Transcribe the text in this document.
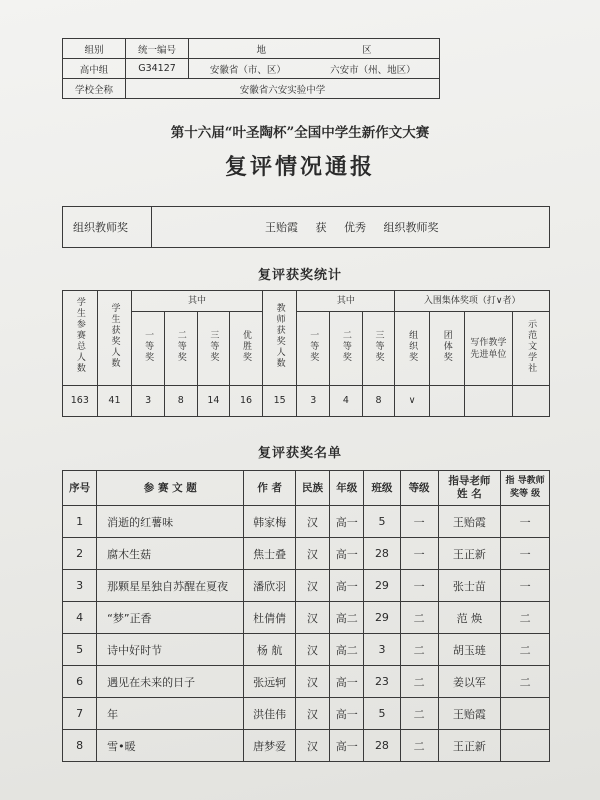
组别	统一编号	地 区	
高中组	G34127	安徽省（市、区）	六安市（州、地区）
学校全称	安徽省六安实验中学		
第十六届“叶圣陶杯”全国中学生新作文大赛
复评情况通报
组织教师奖		王贻霞 获 优秀 组织教师奖
复评获奖统计
学生参赛总人数	学生获奖人数	其中				教师获奖人数	其中			入围集体奖项（打∨者）			
		一等奖	二等奖	三等奖	优胜奖		一等奖	二等奖	三等奖	组织奖	团体奖	写作教学先进单位	示范文学社
163	41	3	8	14	16	15	3	4	8	∨			
复评获奖名单
序号	参 赛 文 题	作 者	民族	年级	班级	等级	指导老师姓 名	指 导教师奖等 级

1	消逝的红薯味	韩家梅	汉	高一	5	一	王贻霞	一
2	腐木生菇	焦士叠	汉	高一	28	一	王正新	一
3	那颗星星独自苏醒在夏夜	潘欣羽	汉	高一	29	一	张士苗	一
4	“梦”正香	杜倩倩	汉	高二	29	二	范 焕	二
5	诗中好时节	杨 航	汉	高二	3	二	胡玉琏	二
6	遇见在未来的日子	张远轲	汉	高一	23	二	姜以军	二
7	年	洪佳伟	汉	高一	5	二	王贻霞	
8	雪•暖	唐梦爱	汉	高一	28	二	王正新	
